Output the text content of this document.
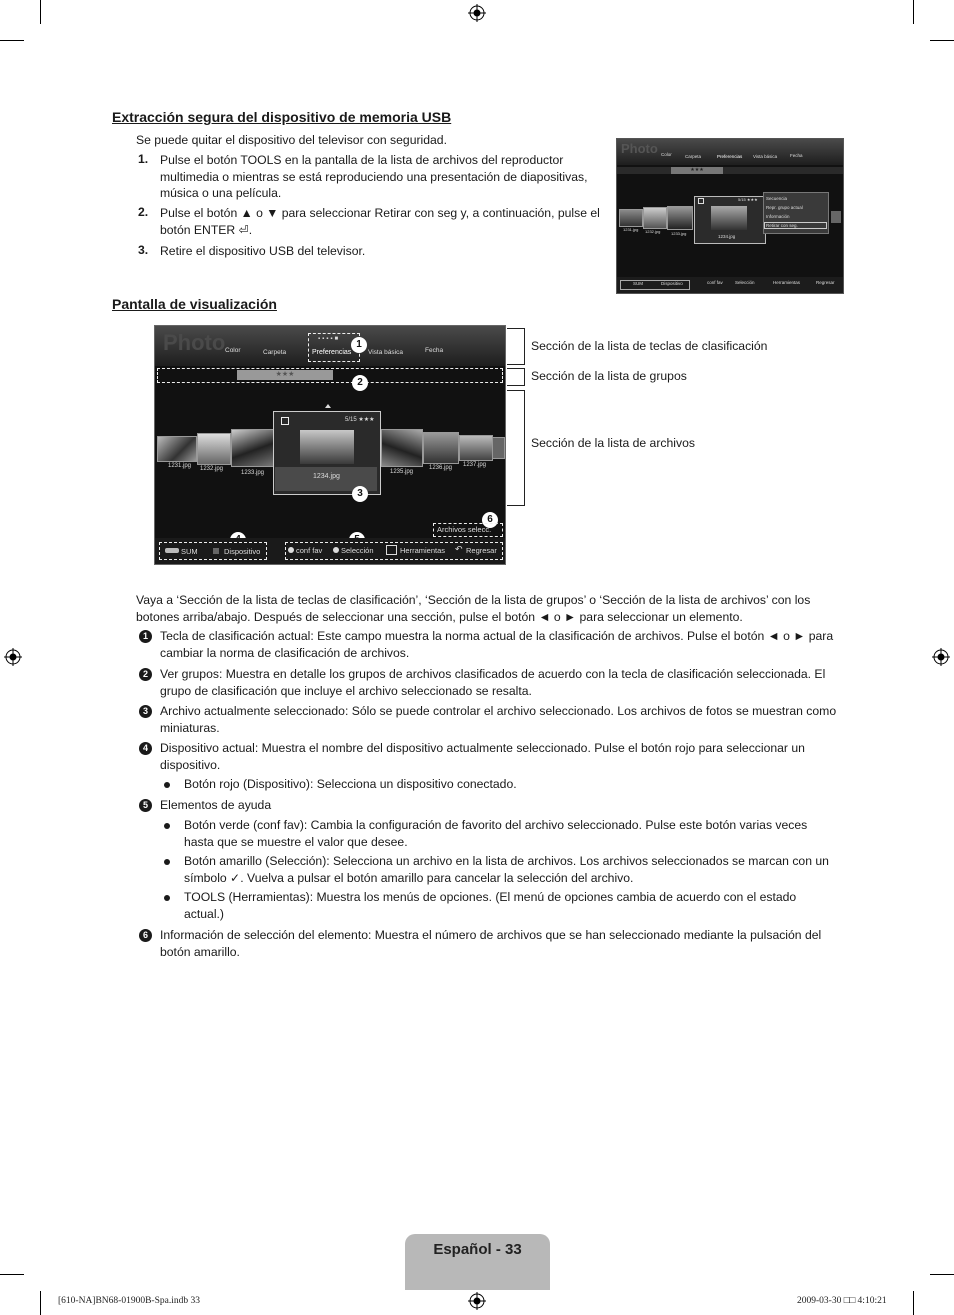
Extracción segura del dispositivo de memoria USB
Se puede quitar el dispositivo del televisor con seguridad.
1. Pulse el botón TOOLS en la pantalla de la lista de archivos del reproductor
multimedia o mientras se está reproduciendo una presentación de diapositivas,
música o una película.
2. Pulse el botón ▲ o ▼ para seleccionar Retirar con seg y, a continuación, pulse el
botón ENTER ⏎.
3. Retire el dispositivo USB del televisor.
Photo Color	Carpeta	Preferencias Vista básica	Fecha
★★★
1231.jpg 1232.jpg	1233.jpg
5/15 ★★★
1234.jpg
Secuencia
Repr. grupo actual
Información
Retirar con seg.
SUM	Dispositivo	conf fav	Selección	Herramientas	Regresar
Pantalla de visualización
Photo Color	Carpeta
▪▪▪▪■
Preferencias	Vista básica	Fecha
1
★★★
2
1231.jpg 1232.jpg
1233.jpg
5/15 ★★★
1234.jpg
3
1235.jpg
1236.jpg 1237.jpg
6
Archivos selecc.
SUM	Dispositivo	conf fav Selección	Herramientas ↶ Regresar
Sección de la lista de teclas de clasificación
Sección de la lista de grupos
Sección de la lista de archivos
Vaya a ‘Sección de la lista de teclas de clasificación’, ‘Sección de la lista de grupos’ o ‘Sección de la lista de archivos’ con los
botones arriba/abajo. Después de seleccionar una sección, pulse el botón ◄ o ► para seleccionar un elemento.
1 Tecla de clasificación actual: Este campo muestra la norma actual de la clasificación de archivos. Pulse el botón ◄ o ► para
cambiar la norma de clasificación de archivos.
2 Ver grupos: Muestra en detalle los grupos de archivos clasificados de acuerdo con la tecla de clasificación seleccionada. El
grupo de clasificación que incluye el archivo seleccionado se resalta.
3 Archivo actualmente seleccionado: Sólo se puede controlar el archivo seleccionado. Los archivos de fotos se muestran como
miniaturas.
4 Dispositivo actual: Muestra el nombre del dispositivo actualmente seleccionado. Pulse el botón rojo para seleccionar un
dispositivo.
Botón rojo (Dispositivo): Selecciona un dispositivo conectado.
5 Elementos de ayuda
Botón verde (conf fav): Cambia la configuración de favorito del archivo seleccionado. Pulse este botón varias veces
hasta que se muestre el valor que desee.
Botón amarillo (Selección): Selecciona un archivo en la lista de archivos. Los archivos seleccionados se marcan con un
símbolo ✓. Vuelva a pulsar el botón amarillo para cancelar la selección del archivo.
TOOLS (Herramientas): Muestra los menús de opciones. (El menú de opciones cambia de acuerdo con el estado
actual.)
6 Información de selección del elemento: Muestra el número de archivos que se han seleccionado mediante la pulsación del
botón amarillo.
Español - 33
[610-NA]BN68-01900B-Spa.indb 33	2009-03-30 □□ 4:10:21
